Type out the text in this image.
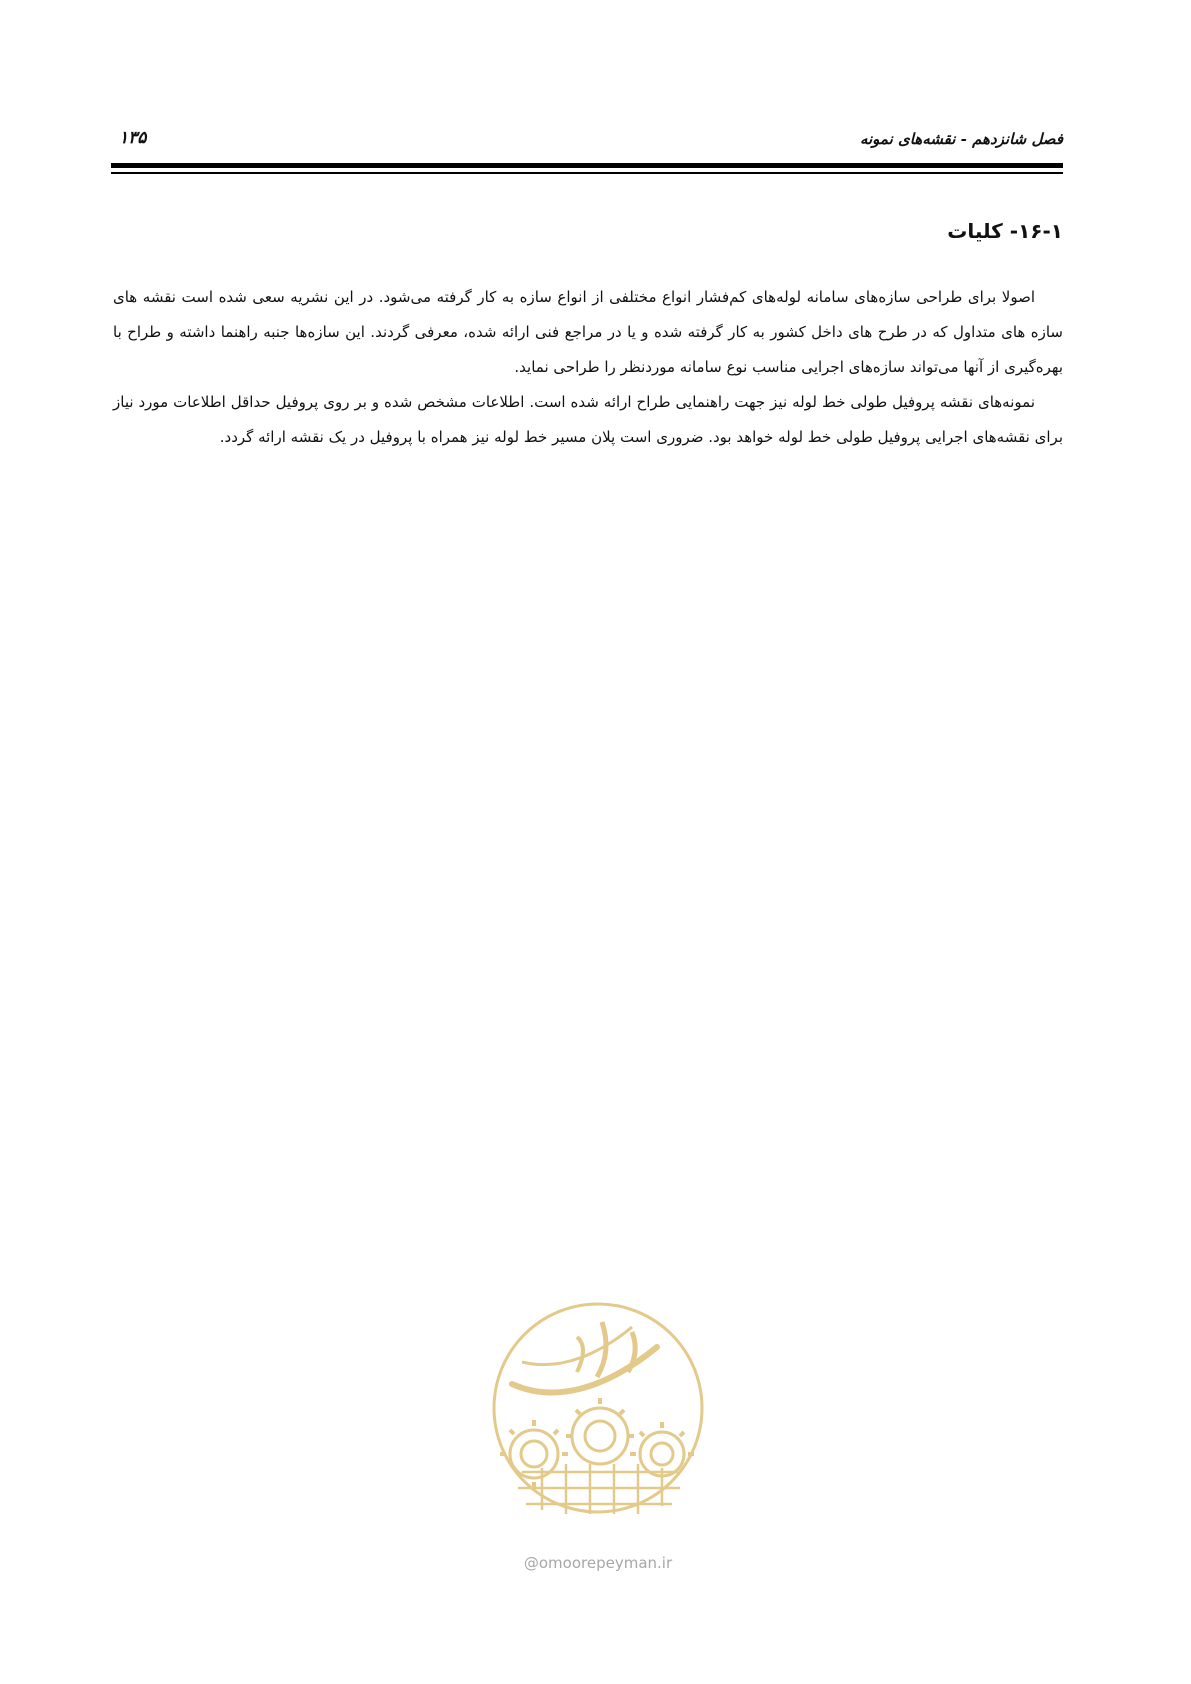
فصل شانزدهم - نقشه‌های نمونه
۱۳۵
۱۶-۱- کلیات

اصولا برای طراحی سازه‌های سامانه لوله‌های کم‌فشار انواع مختلفی از انواع سازه به کار گرفته می‌شود. در این نشریه سعی شده است نقشه های سازه های متداول که در طرح های داخل کشور به کار گرفته شده و یا در مراجع فنی ارائه شده، معرفی گردند. این سازه‌ها جنبه راهنما داشته و طراح با بهره‌گیری از آنها می‌تواند سازه‌های اجرایی مناسب نوع سامانه موردنظر را طراحی نماید.

نمونه‌های نقشه پروفیل طولی خط لوله نیز جهت راهنمایی طراح ارائه شده است. اطلاعات مشخص شده و بر روی پروفیل حداقل اطلاعات مورد نیاز برای نقشه‌های اجرایی پروفیل طولی خط لوله خواهد بود. ضروری است پلان مسیر خط لوله نیز همراه با پروفیل در یک نقشه ارائه گردد.

@omoorepeyman.ir
